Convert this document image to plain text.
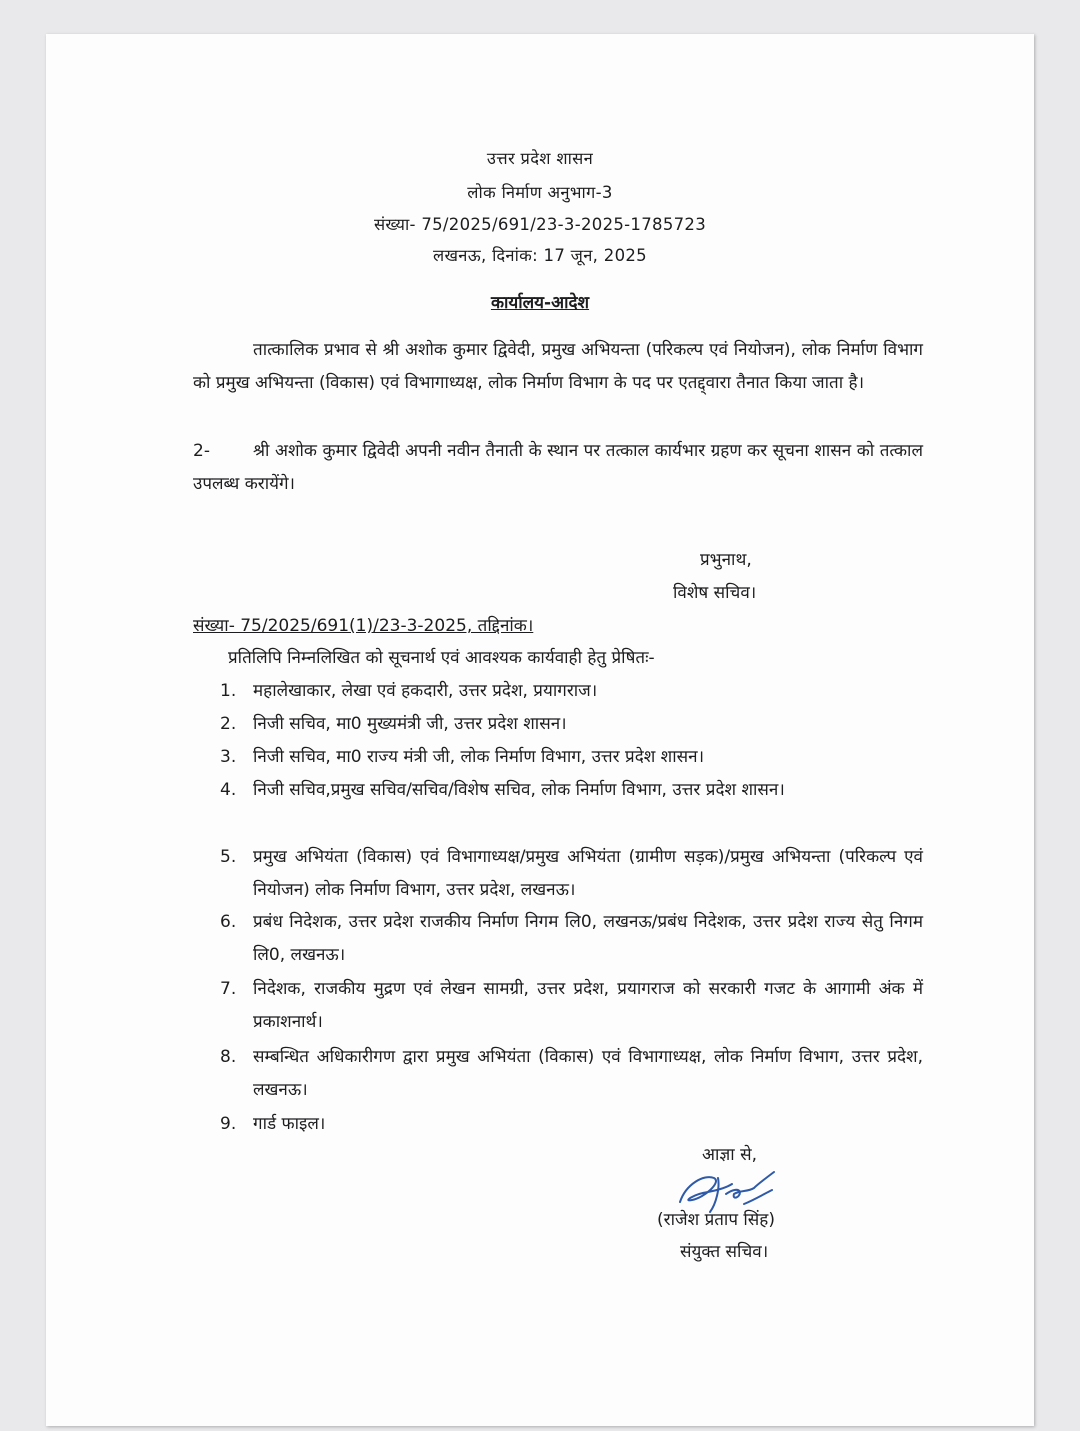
उत्तर प्रदेश शासन
लोक निर्माण अनुभाग-3
संख्या- 75/2025/691/23-3-2025-1785723
लखनऊ, दिनांक: 17 जून, 2025
कार्यालय-आदेश
तात्कालिक प्रभाव से श्री अशोक कुमार द्विवेदी, प्रमुख अभियन्ता (परिकल्प एवं नियोजन), लोक निर्माण विभाग को प्रमुख अभियन्ता (विकास) एवं विभागाध्यक्ष, लोक निर्माण विभाग के पद पर एतद्द्वारा तैनात किया जाता है।
2-	श्री अशोक कुमार द्विवेदी अपनी नवीन तैनाती के स्थान पर तत्काल कार्यभार ग्रहण कर सूचना शासन को तत्काल उपलब्ध करायेंगे।
प्रभुनाथ,
विशेष सचिव।
संख्या- 75/2025/691(1)/23-3-2025, तद्दिनांक।
प्रतिलिपि निम्नलिखित को सूचनार्थ एवं आवश्यक कार्यवाही हेतु प्रेषितः-
1. महालेखाकार, लेखा एवं हकदारी, उत्तर प्रदेश, प्रयागराज।
2. निजी सचिव, मा0 मुख्यमंत्री जी, उत्तर प्रदेश शासन।
3. निजी सचिव, मा0 राज्य मंत्री जी, लोक निर्माण विभाग, उत्तर प्रदेश शासन।
4. निजी सचिव,प्रमुख सचिव/सचिव/विशेष सचिव, लोक निर्माण विभाग, उत्तर प्रदेश शासन।
5. प्रमुख अभियंता (विकास) एवं विभागाध्यक्ष/प्रमुख अभियंता (ग्रामीण सड़क)/प्रमुख अभियन्ता (परिकल्प एवं नियोजन) लोक निर्माण विभाग, उत्तर प्रदेश, लखनऊ।
6. प्रबंध निदेशक, उत्तर प्रदेश राजकीय निर्माण निगम लि0, लखनऊ/प्रबंध निदेशक, उत्तर प्रदेश राज्य सेतु निगम लि0, लखनऊ।
7. निदेशक, राजकीय मुद्रण एवं लेखन सामग्री, उत्तर प्रदेश, प्रयागराज को सरकारी गजट के आगामी अंक में प्रकाशनार्थ।
8. सम्बन्धित अधिकारीगण द्वारा प्रमुख अभियंता (विकास) एवं विभागाध्यक्ष, लोक निर्माण विभाग, उत्तर प्रदेश, लखनऊ।
9. गार्ड फाइल।
आज्ञा से,
(राजेश प्रताप सिंह)
संयुक्त सचिव।
